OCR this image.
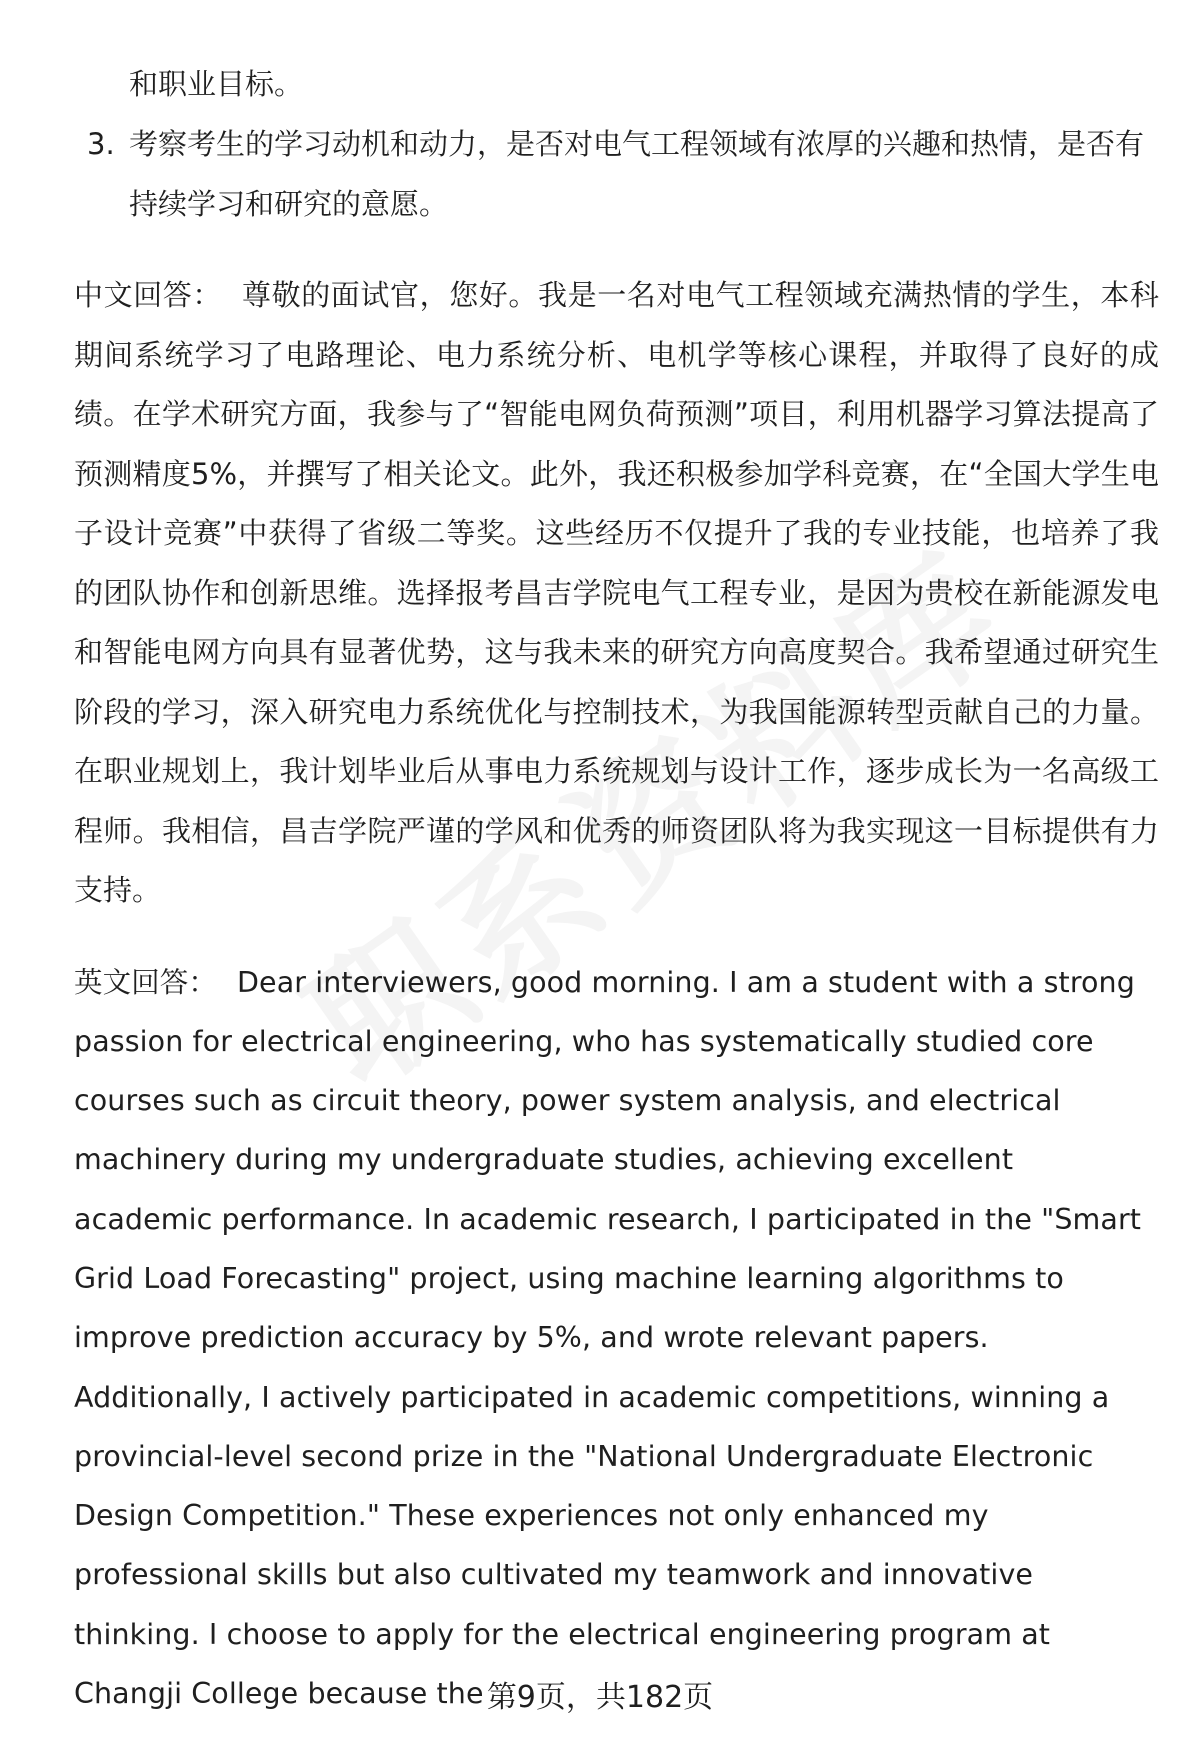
和职业目标。
3. 考察考生的学习动机和动力，是否对电气工程领域有浓厚的兴趣和热情，是否有持续学习和研究的意愿。

中文回答： 尊敬的面试官，您好。我是一名对电气工程领域充满热情的学生，本科期间系统学习了电路理论、电力系统分析、电机学等核心课程，并取得了良好的成绩。在学术研究方面，我参与了“智能电网负荷预测”项目，利用机器学习算法提高了预测精度5%，并撰写了相关论文。此外，我还积极参加学科竞赛，在“全国大学生电子设计竞赛”中获得了省级二等奖。这些经历不仅提升了我的专业技能，也培养了我的团队协作和创新思维。选择报考昌吉学院电气工程专业，是因为贵校在新能源发电和智能电网方向具有显著优势，这与我未来的研究方向高度契合。我希望通过研究生阶段的学习，深入研究电力系统优化与控制技术，为我国能源转型贡献自己的力量。在职业规划上，我计划毕业后从事电力系统规划与设计工作，逐步成长为一名高级工程师。我相信，昌吉学院严谨的学风和优秀的师资团队将为我实现这一目标提供有力支持。

英文回答： Dear interviewers, good morning. I am a student with a strong passion for electrical engineering, who has systematically studied core courses such as circuit theory, power system analysis, and electrical machinery during my undergraduate studies, achieving excellent academic performance. In academic research, I participated in the "Smart Grid Load Forecasting" project, using machine learning algorithms to improve prediction accuracy by 5%, and wrote relevant papers. Additionally, I actively participated in academic competitions, winning a provincial-level second prize in the "National Undergraduate Electronic Design Competition." These experiences not only enhanced my professional skills but also cultivated my teamwork and innovative thinking. I choose to apply for the electrical engineering program at Changji College because the 第9页，共182页
